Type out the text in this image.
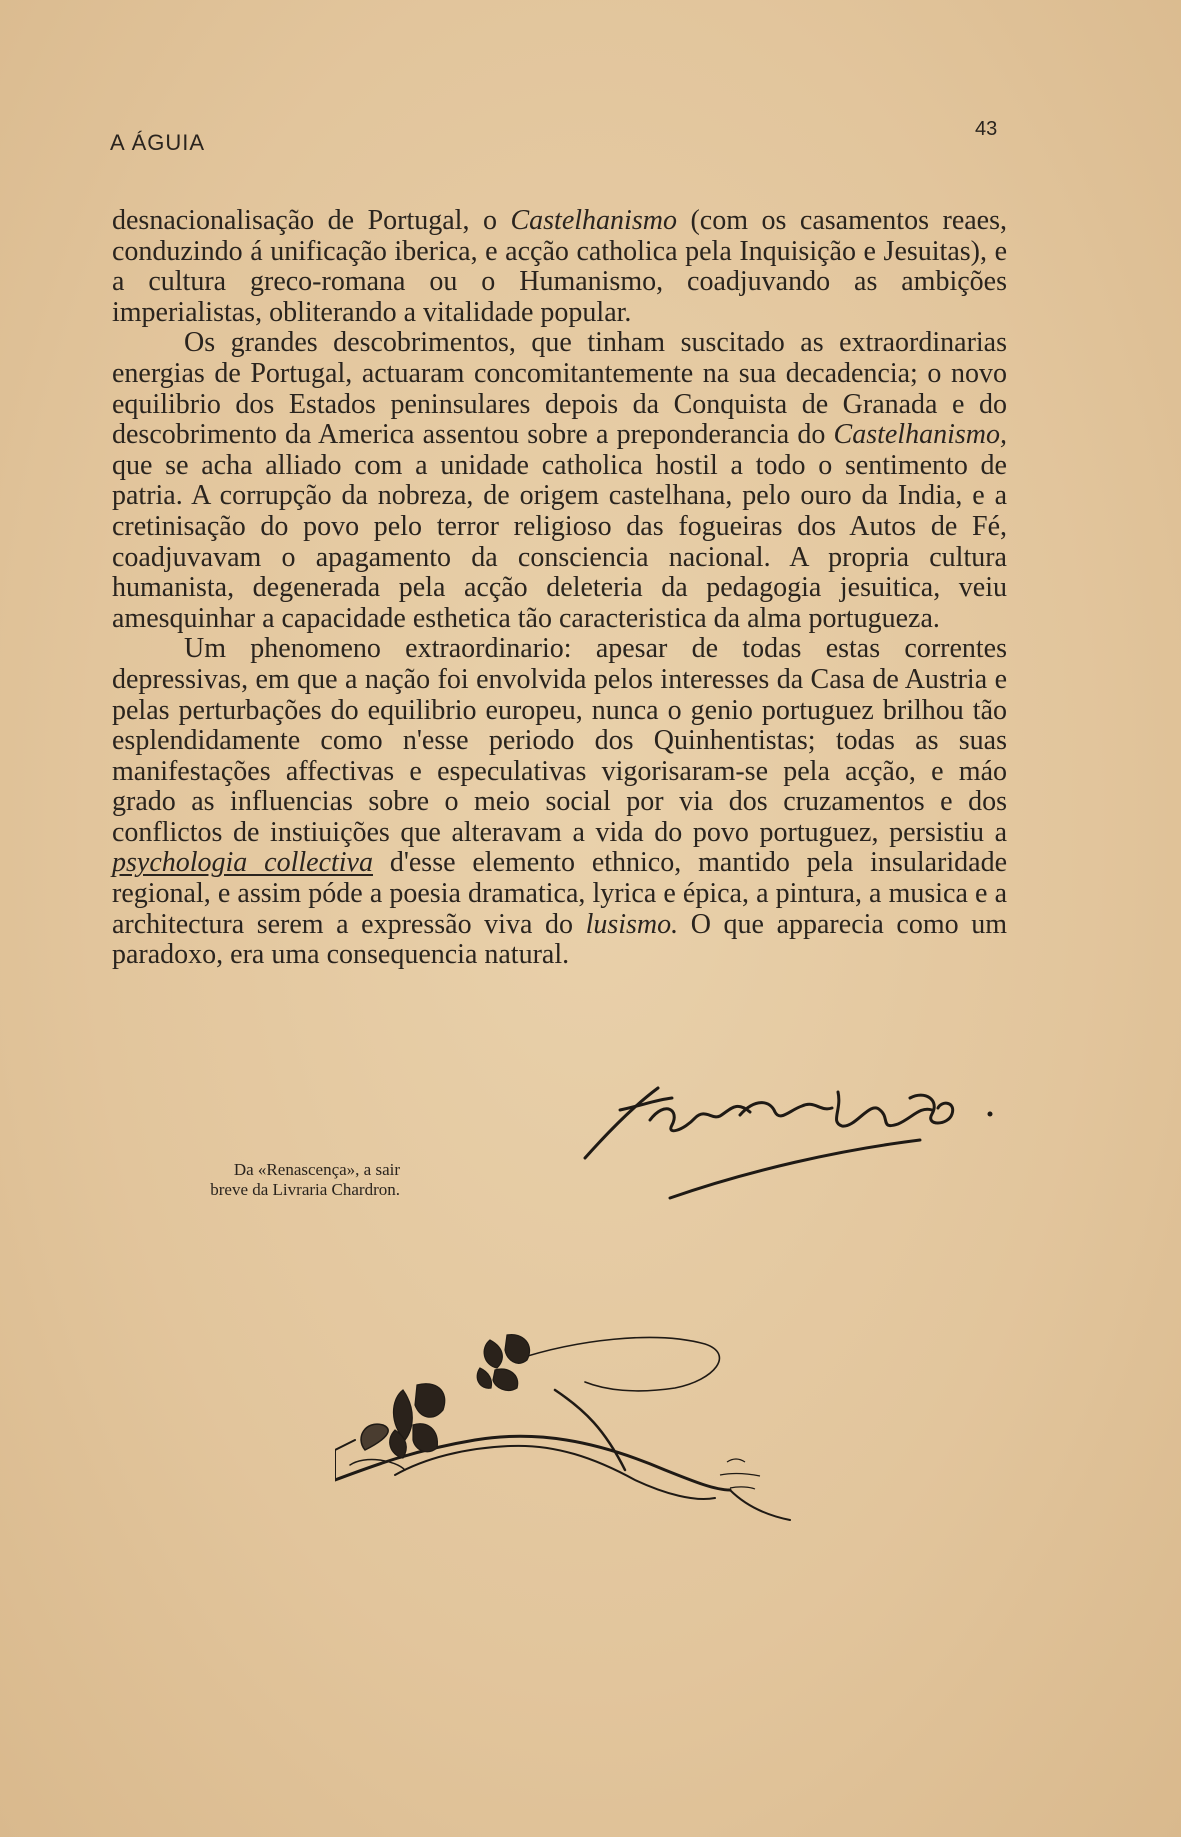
A ÁGUIA
43

desnacionalisação de Portugal, o Castelhanismo (com os casamentos reaes, conduzindo á unificação iberica, e acção catholica pela Inquisição e Jesuitas), e a cultura greco-romana ou o Humanismo, coadjuvando as ambições imperialistas, obliterando a vitalidade popular.

Os grandes descobrimentos, que tinham suscitado as extraordinarias energias de Portugal, actuaram concomitantemente na sua decadencia; o novo equilibrio dos Estados peninsulares depois da Conquista de Granada e do descobrimento da America assentou sobre a preponderancia do Castelhanismo, que se acha alliado com a unidade catholica hostil a todo o sentimento de patria. A corrupção da nobreza, de origem castelhana, pelo ouro da India, e a cretinisação do povo pelo terror religioso das fogueiras dos Autos de Fé, coadjuvavam o apagamento da consciencia nacional. A propria cultura humanista, degenerada pela acção deleteria da pedagogia jesuitica, veiu amesquinhar a capacidade esthetica tão caracteristica da alma portugueza.

Um phenomeno extraordinario: apesar de todas estas correntes depressivas, em que a nação foi envolvida pelos interesses da Casa de Austria e pelas perturbações do equilibrio europeu, nunca o genio portuguez brilhou tão esplendidamente como n'esse periodo dos Quinhentistas; todas as suas manifestações affectivas e especulativas vigorisaram-se pela acção, e máo grado as influencias sobre o meio social por via dos cruzamentos e dos conflictos de instiuições que alteravam a vida do povo portuguez, persistiu a psychologia collectiva d'esse elemento ethnico, mantido pela insularidade regional, e assim póde a poesia dramatica, lyrica e épica, a pintura, a musica e a architectura serem a expressão viva do lusismo. O que apparecia como um paradoxo, era uma consequencia natural.

Da «Renascença», a sair
breve da Livraria Chardron.
